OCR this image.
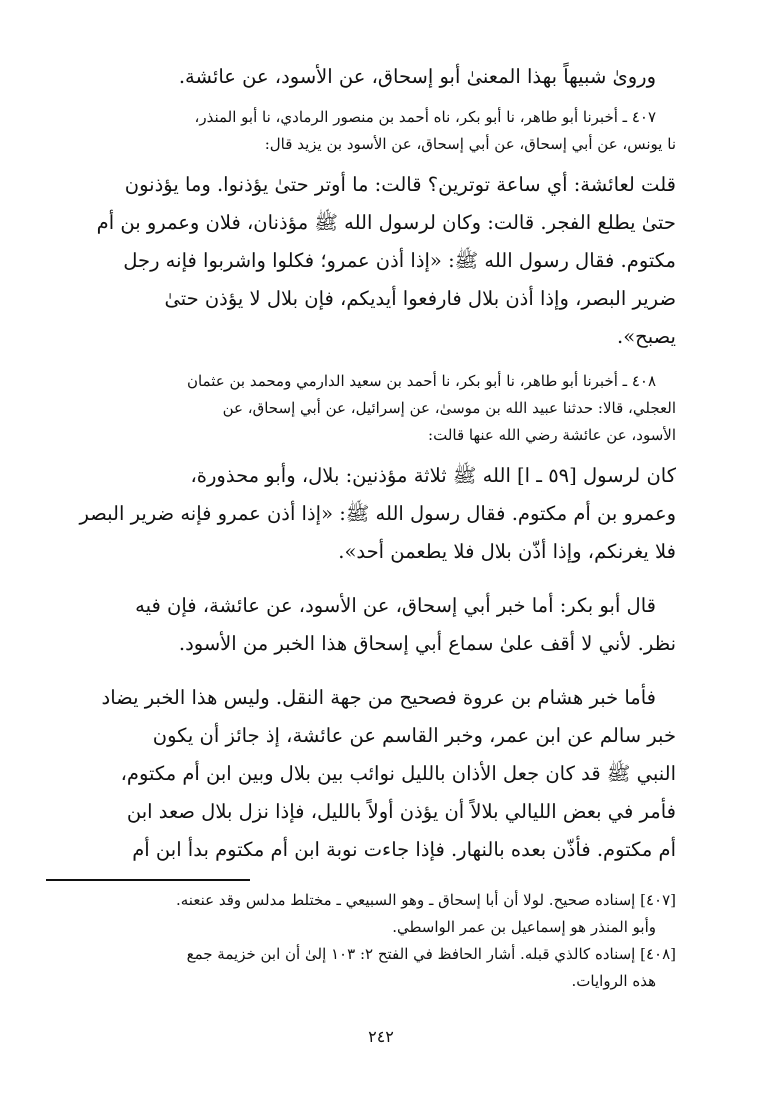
ورویٰ شبيهاً بهذا المعنیٰ أبو إسحاق، عن الأسود، عن عائشة.
٤٠٧ ـ أخبرنا أبو طاهر، نا أبو بكر، ناه أحمد بن منصور الرمادي، نا أبو المنذر،
نا يونس، عن أبي إسحاق، عن أبي إسحاق، عن الأسود بن يزيد قال:
قلت لعائشة: أي ساعة توترين؟ قالت: ما أوتر حتیٰ يؤذنوا. وما يؤذنون
حتیٰ يطلع الفجر. قالت: وكان لرسول الله ﷺ مؤذنان، فلان وعمرو بن أم
مكتوم. فقال رسول الله ﷺ: «إذا أذن عمرو؛ فكلوا واشربوا فإنه رجل
ضرير البصر، وإذا أذن بلال فارفعوا أيديكم، فإن بلال لا يؤذن حتیٰ
يصبح».
٤٠٨ ـ أخبرنا أبو طاهر، نا أبو بكر، نا أحمد بن سعيد الدارمي ومحمد بن عثمان
العجلي، قالا: حدثنا عبيد الله بن موسیٰ، عن إسرائيل، عن أبي إسحاق، عن
الأسود، عن عائشة رضي الله عنها قالت:
كان لرسول [٥٩ ـ ا] الله ﷺ ثلاثة مؤذنين: بلال، وأبو محذورة،
وعمرو بن أم مكتوم. فقال رسول الله ﷺ: «إذا أذن عمرو فإنه ضرير البصر
فلا يغرنكم، وإذا أذّن بلال فلا يطعمن أحد».
قال أبو بكر: أما خبر أبي إسحاق، عن الأسود، عن عائشة، فإن فيه
نظر. لأني لا أقف علیٰ سماع أبي إسحاق هذا الخبر من الأسود.
فأما خبر هشام بن عروة فصحيح من جهة النقل. وليس هذا الخبر يضاد
خبر سالم عن ابن عمر، وخبر القاسم عن عائشة، إذ جائز أن يكون
النبي ﷺ قد كان جعل الأذان بالليل نوائب بين بلال وبين ابن أم مكتوم،
فأمر في بعض الليالي بلالاً أن يؤذن أولاً بالليل، فإذا نزل بلال صعد ابن
أم مكتوم. فأذّن بعده بالنهار. فإذا جاءت نوبة ابن أم مكتوم بدأ ابن أم
[٤٠٧] إسناده صحيح. لولا أن أبا إسحاق ـ وهو السبيعي ـ مختلط مدلس وقد عنعنه.
وأبو المنذر هو إسماعيل بن عمر الواسطي.
[٤٠٨] إسناده كالذي قبله. أشار الحافظ في الفتح ٢: ١٠٣ إلیٰ أن ابن خزيمة جمع
هذه الروايات.
٢٤٢
